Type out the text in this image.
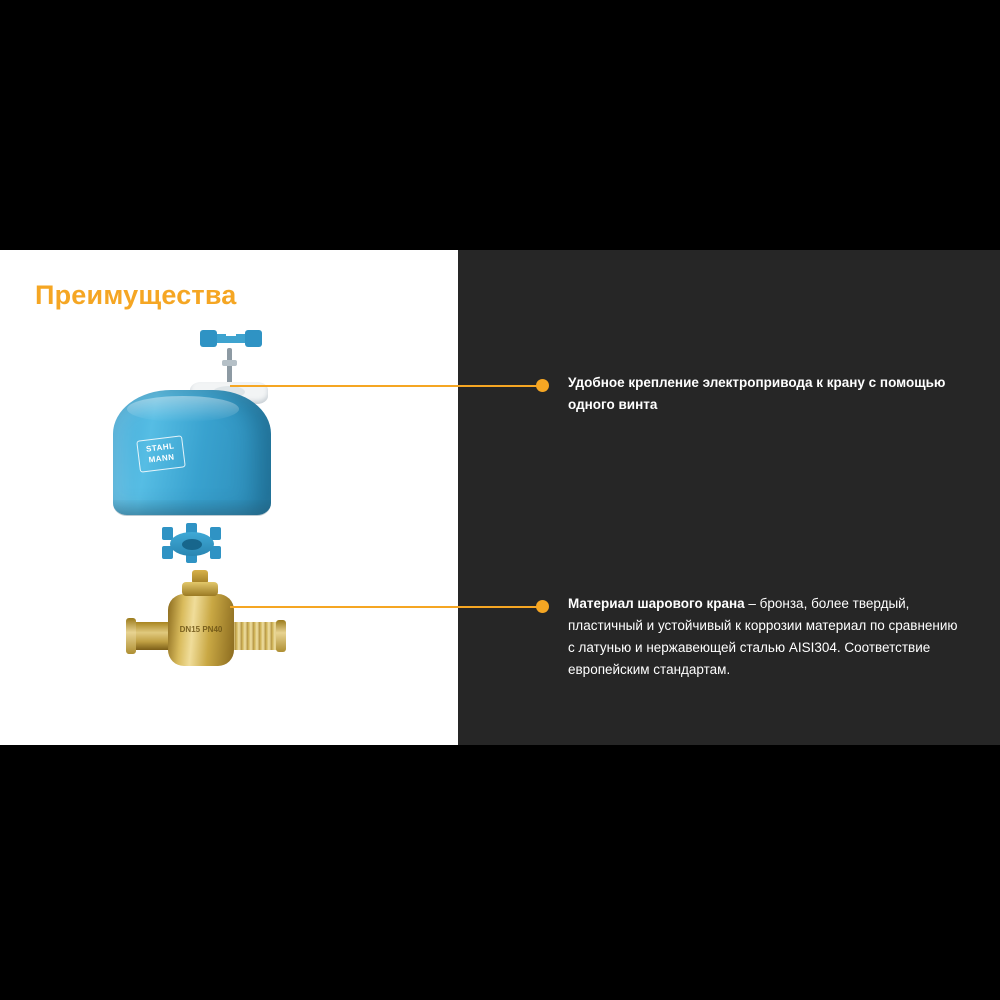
Преимущества
STAHL
MANN
DN15 PN40
Удобное крепление электропривода к крану с помощью одного винта
Материал шарового крана – бронза, более твердый, пластичный и устойчивый к коррозии материал по сравнению с латунью и нержавеющей сталью AISI304. Соответствие европейским стандартам.
